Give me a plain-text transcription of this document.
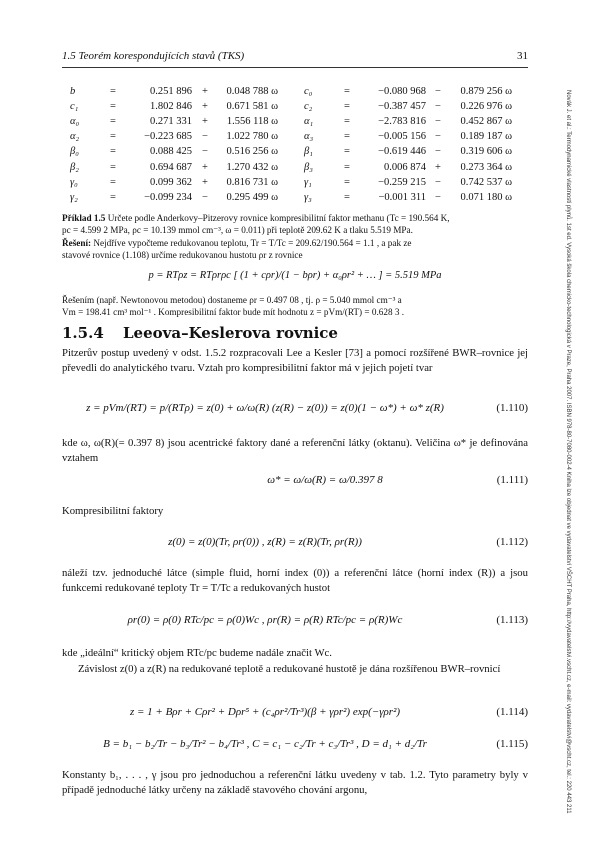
1.5 Teorém korespondujících stavů (TKS)	31
Novák J. et al.: Termodynamické vlastnosti plynů. 1st ed. Vysoká škola chemicko-technologická v Praze, Praha 2007. ISBN 978-80-7080-002-4 Kniha lze objednat ve vydavatelství VŠCHT Praha, http://vydavatelstvi.vscht.cz, e-mail: vydavatelstvi@vscht.cz, tel.: 220 443 211
b	=	0.251 896	+	0.048 788 ω		c₀	=	−0.080 968	−	0.879 256 ω
c₁	=	1.802 846	+	0.671 581 ω		c₂	=	−0.387 457	−	0.226 976 ω
α₀	=	0.271 331	+	1.556 118 ω		α₁	=	−2.783 816	−	0.452 867 ω
α₂	=	−0.223 685	−	1.022 780 ω		α₃	=	−0.005 156	−	0.189 187 ω
β₀	=	0.088 425	−	0.516 256 ω		β₁	=	−0.619 446	−	0.319 606 ω
β₂	=	0.694 687	+	1.270 432 ω		β₃	=	0.006 874	+	0.273 364 ω
γ₀	=	0.099 362	+	0.816 731 ω		γ₁	=	−0.259 215	−	0.742 537 ω
γ₂	=	−0.099 234	−	0.295 499 ω		γ₃	=	−0.001 311	−	0.071 180 ω
Příklad 1.5 Určete podle Anderkovy–Pitzerovy rovnice kompresibilitní faktor methanu (Tc = 190.564 K,
pc = 4.599 2 MPa, ρc = 10.139 mmol cm⁻³, ω = 0.011) při teplotě 209.62 K a tlaku 5.519 MPa.
Řešení: Nejdříve vypočteme redukovanou teplotu, Tr = T/Tc = 209.62/190.564 = 1.1 , a pak ze
stavové rovnice (1.108) určíme redukovanou hustotu ρr z rovnice
p = RTρz = RTρrρc [ (1 + cρr)/(1 − bρr) + α₀ρr² + … ] = 5.519 MPa
Řešením (např. Newtonovou metodou) dostaneme ρr = 0.497 08 , tj. ρ = 5.040 mmol cm⁻³ a
Vm = 198.41 cm³ mol⁻¹ . Kompresibilitní faktor bude mít hodnotu z = pVm/(RT) = 0.628 3 .
1.5.4 Leeova–Keslerova rovnice
Pitzerův postup uvedený v odst. 1.5.2 rozpracovali Lee a Kesler [73] a pomocí rozšířené BWR–rovnice jej převedli do analytického tvaru. Vztah pro kompresibilitní faktor má v jejich pojetí tvar
z = pVm/(RT) = p/(RTρ) = z(0) + ω/ω(R) (z(R) − z(0)) = z(0)(1 − ω*) + ω* z(R)	(1.110)
kde ω, ω(R)(= 0.397 8) jsou acentrické faktory dané a referenční látky (oktanu). Veličina ω* je definována vztahem
ω* = ω/ω(R) = ω/0.397 8	(1.111)
Kompresibilitní faktory
z(0) = z(0)(Tr, ρr(0)) , z(R) = z(R)(Tr, ρr(R))	(1.112)
náleží tzv. jednoduché látce (simple fluid, horní index (0)) a referenční látce (horní index (R)) a jsou funkcemi redukované teploty Tr = T/Tc a redukovaných hustot
ρr(0) = ρ(0) RTc/pc = ρ(0)Wc , ρr(R) = ρ(R) RTc/pc = ρ(R)Wc	(1.113)
kde „ideální“ kritický objem RTc/pc budeme nadále značit Wc.
Závislost z(0) a z(R) na redukované teplotě a redukované hustotě je dána rozšířenou BWR–rovnicí
z = 1 + Bρr + Cρr² + Dρr⁵ + (c₄ρr²/Tr³)(β + γρr²) exp(−γρr²)	(1.114)
B = b₁ − b₂/Tr − b₃/Tr² − b₄/Tr³ , C = c₁ − c₂/Tr + c₃/Tr³ , D = d₁ + d₂/Tr	(1.115)
Konstanty b₁, . . . , γ jsou pro jednoduchou a referenční látku uvedeny v tab. 1.2. Tyto parametry byly v případě jednoduché látky určeny na základě stavového chování argonu,
